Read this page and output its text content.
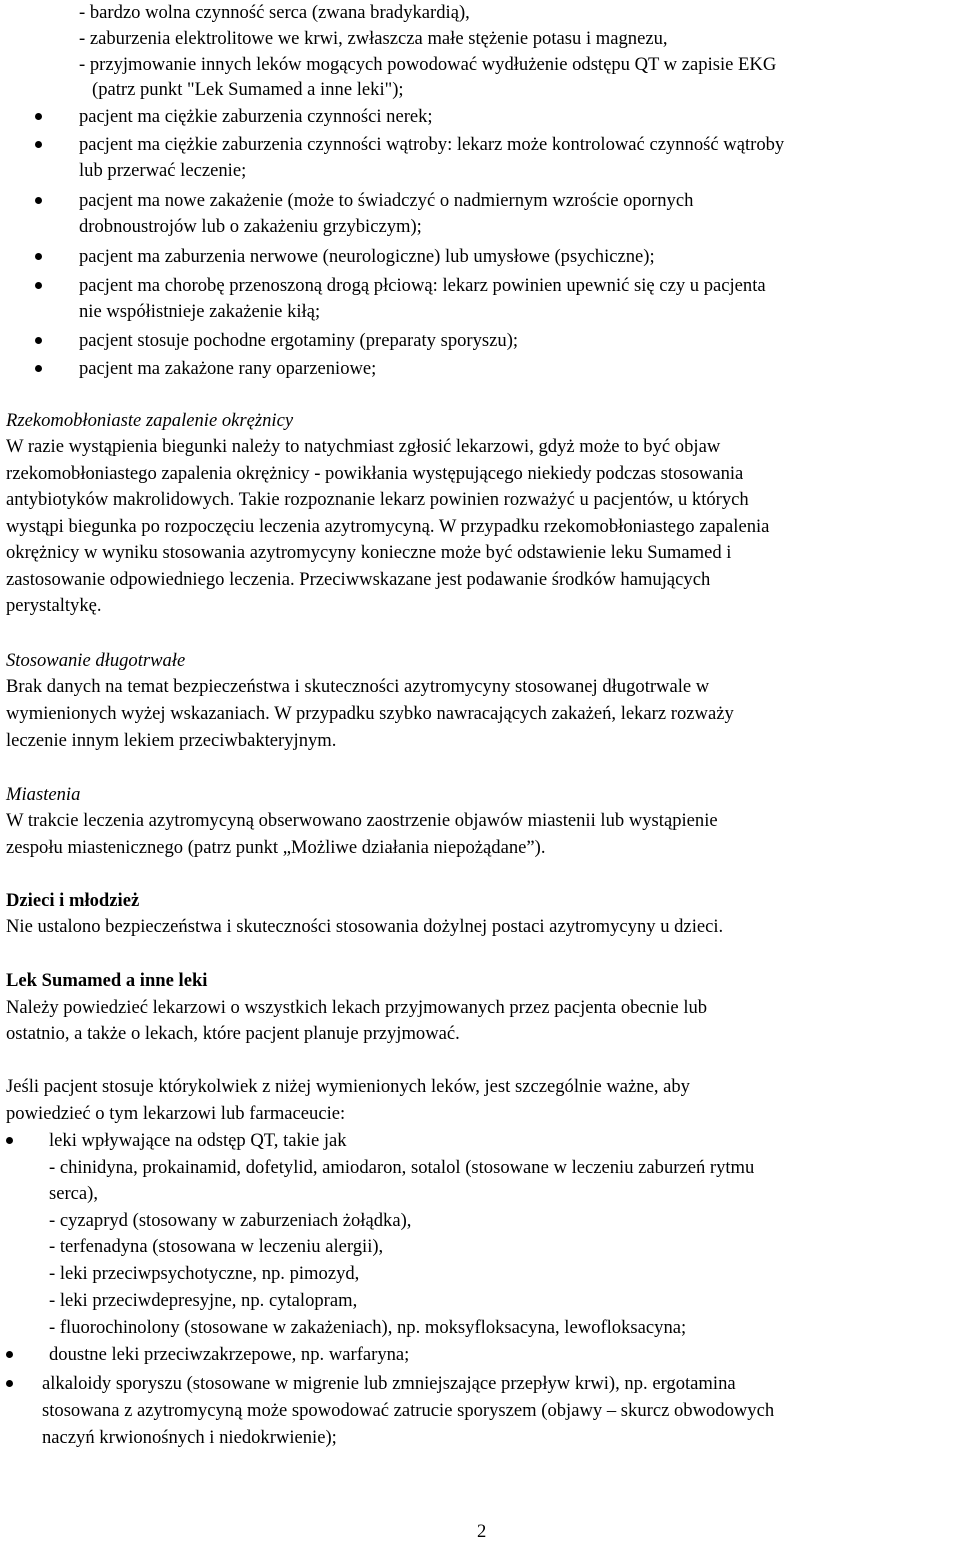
- bardzo wolna czynność serca (zwana bradykardią),
- zaburzenia elektrolitowe we krwi, zwłaszcza małe stężenie potasu i magnezu,
- przyjmowanie innych leków mogących powodować wydłużenie odstępu QT w zapisie EKG
(patrz punkt "Lek Sumamed a inne leki");
pacjent ma ciężkie zaburzenia czynności nerek;
pacjent ma ciężkie zaburzenia czynności wątroby: lekarz może kontrolować czynność wątroby
lub przerwać leczenie;
pacjent ma nowe zakażenie (może to świadczyć o nadmiernym wzroście opornych
drobnoustrojów lub o zakażeniu grzybiczym);
pacjent ma zaburzenia nerwowe (neurologiczne) lub umysłowe (psychiczne);
pacjent ma chorobę przenoszoną drogą płciową: lekarz powinien upewnić się czy u pacjenta
nie współistnieje zakażenie kiłą;
pacjent stosuje pochodne ergotaminy (preparaty sporyszu);
pacjent ma zakażone rany oparzeniowe;
Rzekomobłoniaste zapalenie okrężnicy
W razie wystąpienia biegunki należy to natychmiast zgłosić lekarzowi, gdyż może to być objaw
rzekomobłoniastego zapalenia okrężnicy - powikłania występującego niekiedy podczas stosowania
antybiotyków makrolidowych. Takie rozpoznanie lekarz powinien rozważyć u pacjentów, u których
wystąpi biegunka po rozpoczęciu leczenia azytromycyną. W przypadku rzekomobłoniastego zapalenia
okrężnicy w wyniku stosowania azytromycyny konieczne może być odstawienie leku Sumamed i
zastosowanie odpowiedniego leczenia. Przeciwwskazane jest podawanie środków hamujących
perystaltykę.
Stosowanie długotrwałe
Brak danych na temat bezpieczeństwa i skuteczności azytromycyny stosowanej długotrwale w
wymienionych wyżej wskazaniach. W przypadku szybko nawracających zakażeń, lekarz rozważy
leczenie innym lekiem przeciwbakteryjnym.
Miastenia
W trakcie leczenia azytromycyną obserwowano zaostrzenie objawów miastenii lub wystąpienie
zespołu miastenicznego (patrz punkt „Możliwe działania niepożądane”).
Dzieci i młodzież
Nie ustalono bezpieczeństwa i skuteczności stosowania dożylnej postaci azytromycyny u dzieci.
Lek Sumamed a inne leki
Należy powiedzieć lekarzowi o wszystkich lekach przyjmowanych przez pacjenta obecnie lub
ostatnio, a także o lekach, które pacjent planuje przyjmować.
Jeśli pacjent stosuje którykolwiek z niżej wymienionych leków, jest szczególnie ważne, aby
powiedzieć o tym lekarzowi lub farmaceucie:
leki wpływające na odstęp QT, takie jak
- chinidyna, prokainamid, dofetylid, amiodaron, sotalol (stosowane w leczeniu zaburzeń rytmu
serca),
- cyzapryd (stosowany w zaburzeniach żołądka),
- terfenadyna (stosowana w leczeniu alergii),
- leki przeciwpsychotyczne, np. pimozyd,
- leki przeciwdepresyjne, np. cytalopram,
- fluorochinolony (stosowane w zakażeniach), np. moksyfloksacyna, lewofloksacyna;
doustne leki przeciwzakrzepowe, np. warfaryna;
alkaloidy sporyszu (stosowane w migrenie lub zmniejszające przepływ krwi), np. ergotamina
stosowana z azytromycyną może spowodować zatrucie sporyszem (objawy – skurcz obwodowych
naczyń krwionośnych i niedokrwienie);
2
